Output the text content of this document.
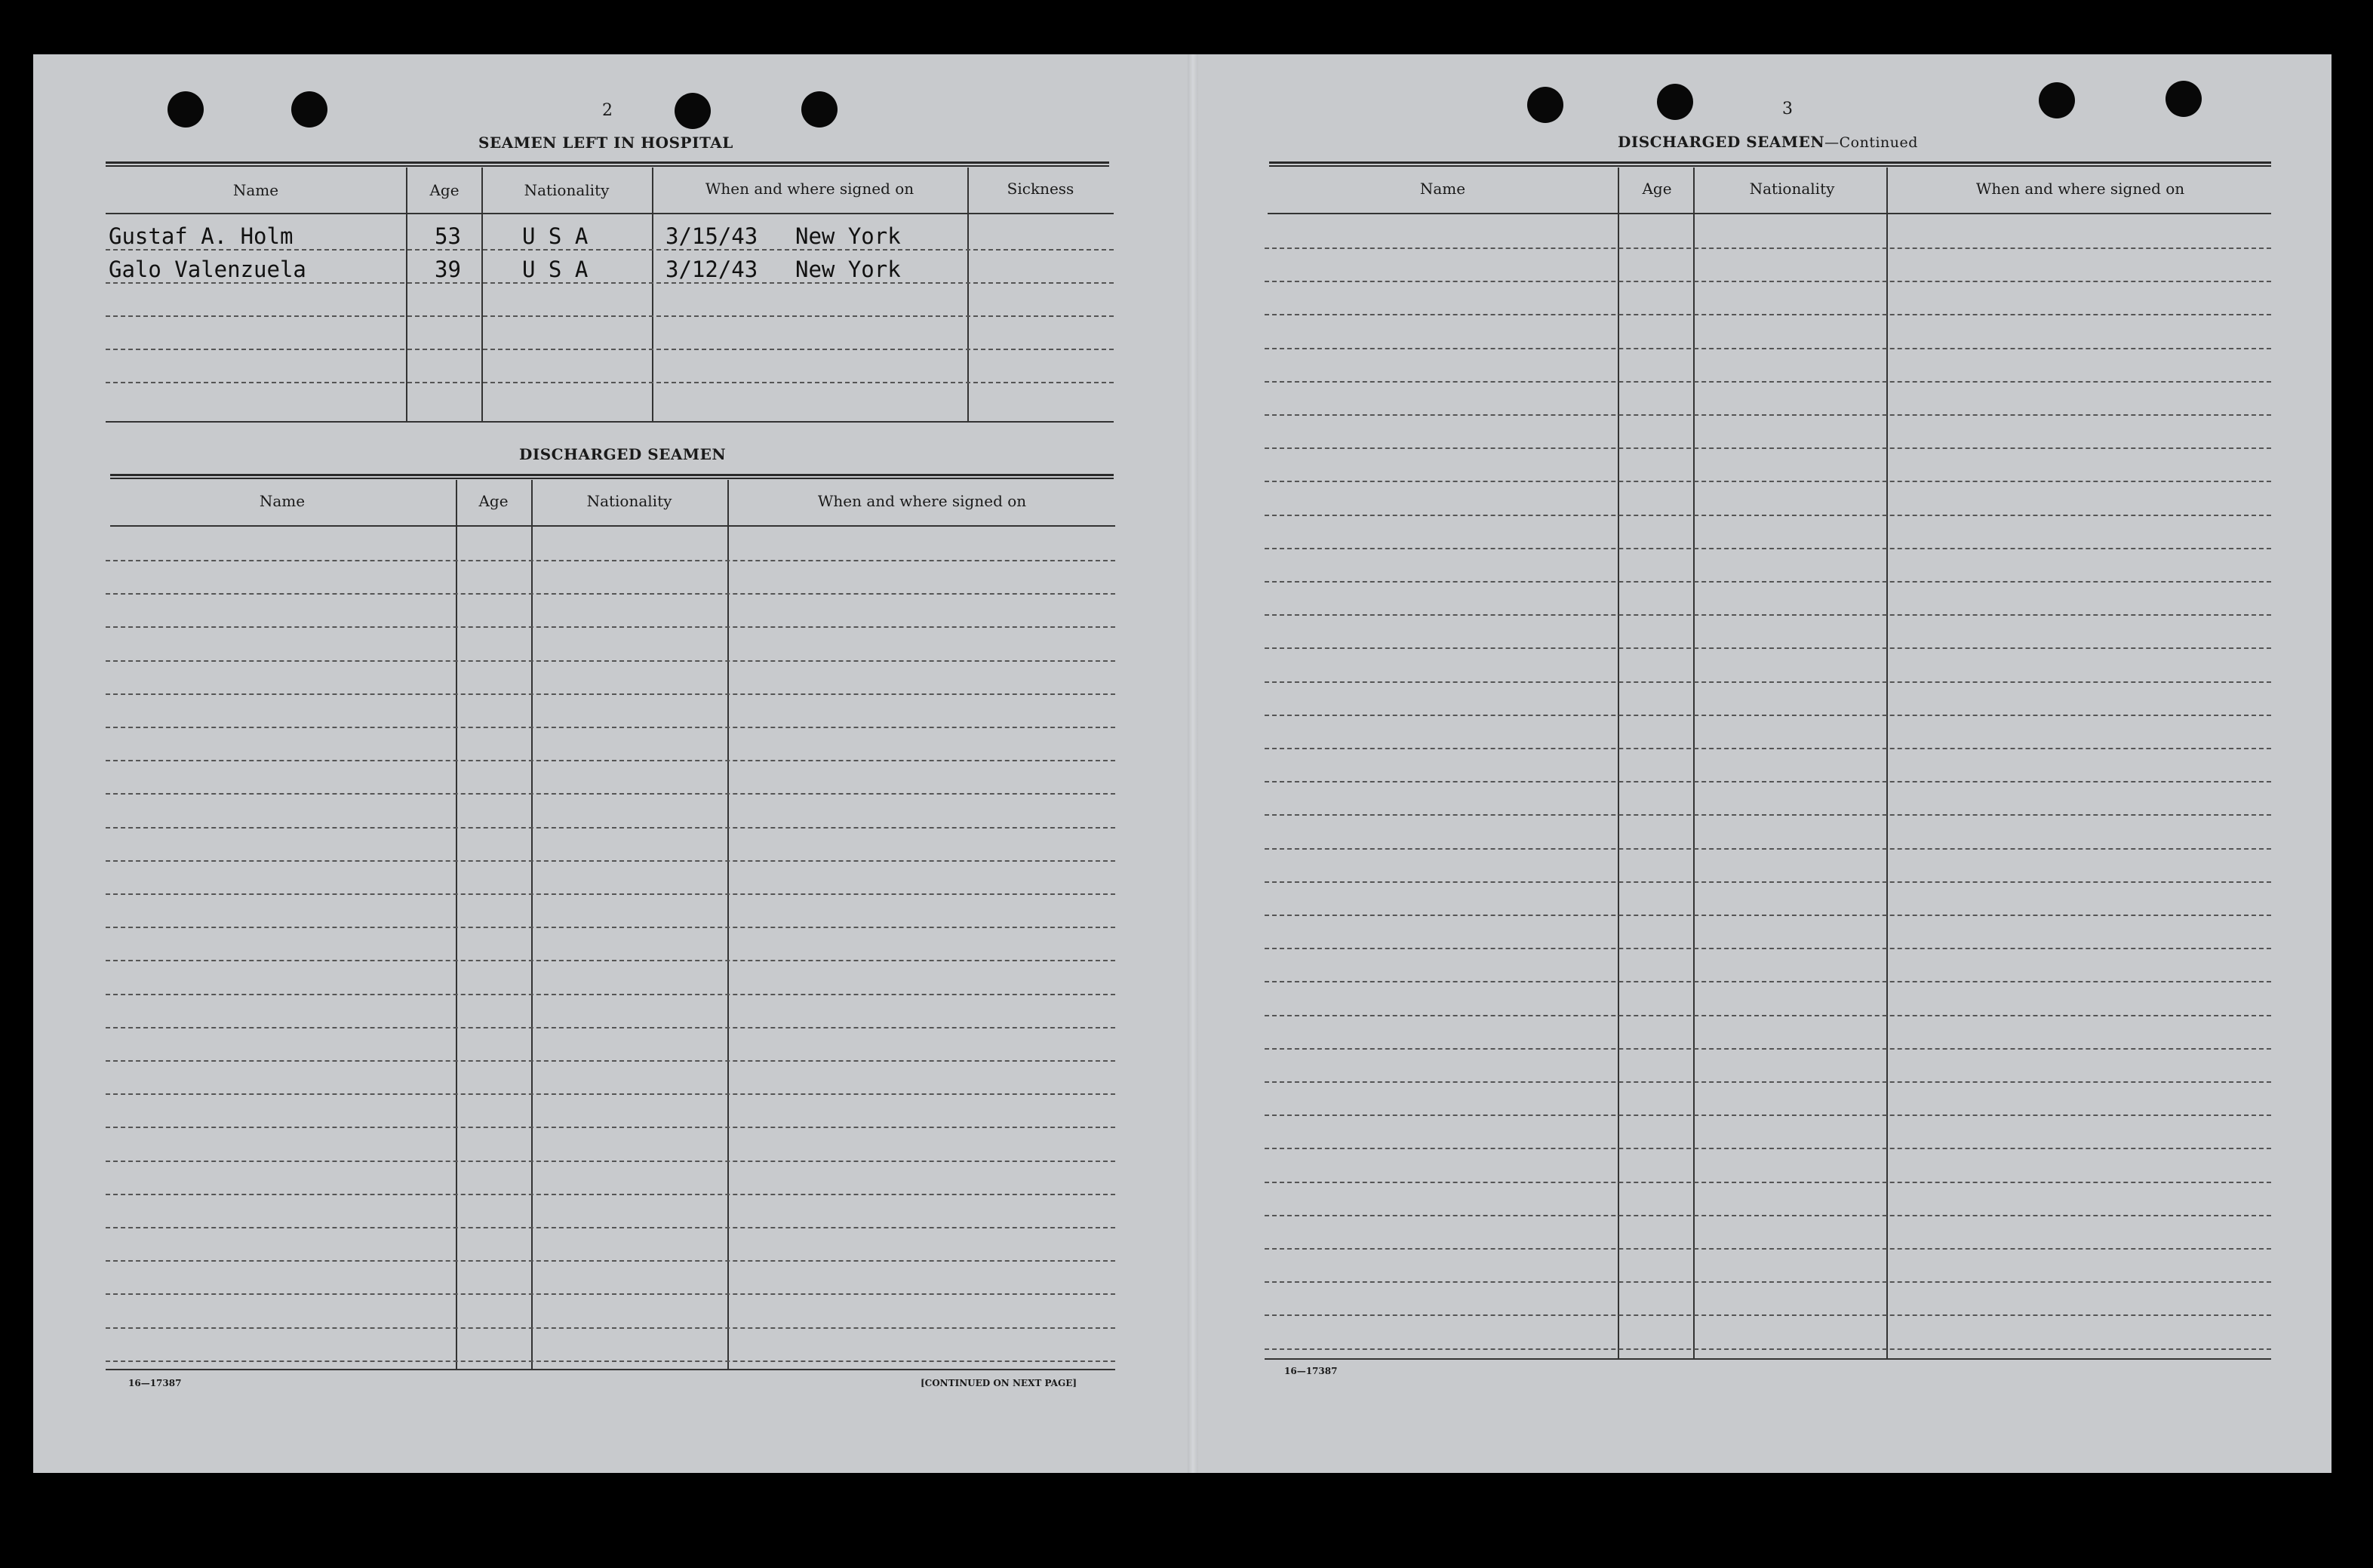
2
SEAMEN LEFT IN HOSPITAL
Name	Age	Nationality	When and where signed on	Sickness
Gustaf A. Holm	53	U S A	3/15/43 New York
Galo Valenzuela	39	U S A	3/12/43 New York
DISCHARGED SEAMEN
Name	Age	Nationality	When and where signed on
16—17387	[CONTINUED ON NEXT PAGE]
3
DISCHARGED SEAMEN—Continued
Name	Age	Nationality	When and where signed on
16—17387
